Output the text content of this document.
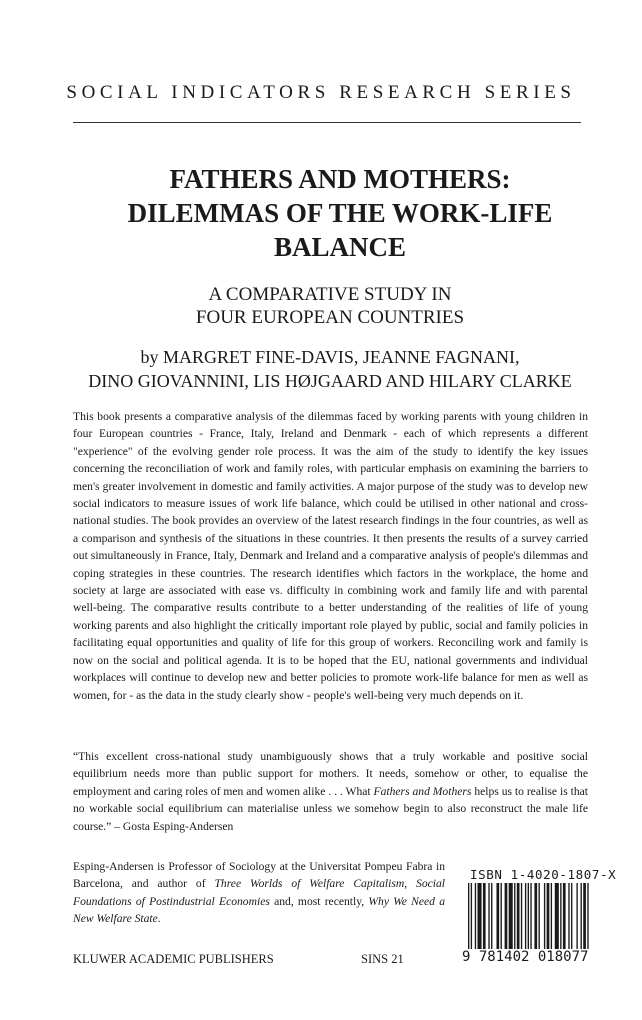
SOCIAL INDICATORS RESEARCH SERIES
FATHERS AND MOTHERS:
DILEMMAS OF THE WORK-LIFE
BALANCE
A COMPARATIVE STUDY IN
FOUR EUROPEAN COUNTRIES
by MARGRET FINE-DAVIS, JEANNE FAGNANI,
DINO GIOVANNINI, LIS HØJGAARD AND HILARY CLARKE

This book presents a comparative analysis of the dilemmas faced by working parents with young children in four European countries - France, Italy, Ireland and Denmark - each of which represents a different "experience" of the evolving gender role process. It was the aim of the study to identify the key issues concerning the reconciliation of work and family roles, with particular emphasis on examining the barriers to men's greater involvement in domestic and family activities. A major purpose of the study was to develop new social indicators to measure issues of work life balance, which could be utilised in other national and cross-national studies. The book provides an overview of the latest research findings in the four countries, as well as a comparison and synthesis of the situations in these countries. It then presents the results of a survey carried out simultaneously in France, Italy, Denmark and Ireland and a comparative analysis of people's dilemmas and coping strategies in these countries. The research identifies which factors in the workplace, the home and society at large are associated with ease vs. difficulty in combining work and family life and with parental well-being. The comparative results contribute to a better understanding of the realities of life of young working parents and also highlight the critically important role played by public, social and family policies in facilitating equal opportunities and quality of life for this group of workers. Reconciling work and family is now on the social and political agenda. It is to be hoped that the EU, national governments and individual workplaces will continue to develop new and better policies to promote work-life balance for men as well as women, for - as the data in the study clearly show - people's well-being very much depends on it.

“This excellent cross-national study unambiguously shows that a truly workable and positive social equilibrium needs more than public support for mothers. It needs, somehow or other, to equalise the employment and caring roles of men and women alike . . . What Fathers and Mothers helps us to realise is that no workable social equilibrium can materialise unless we somehow begin to also reconstruct the male life course.” – Gosta Esping-Andersen

Esping-Andersen is Professor of Sociology at the Universitat Pompeu Fabra in Barcelona, and author of Three Worlds of Welfare Capitalism, Social Foundations of Postindustrial Economies and, most recently, Why We Need a New Welfare State.

KLUWER ACADEMIC PUBLISHERS	SINS 21
ISBN 1-4020-1807-X
9 781402 018077
